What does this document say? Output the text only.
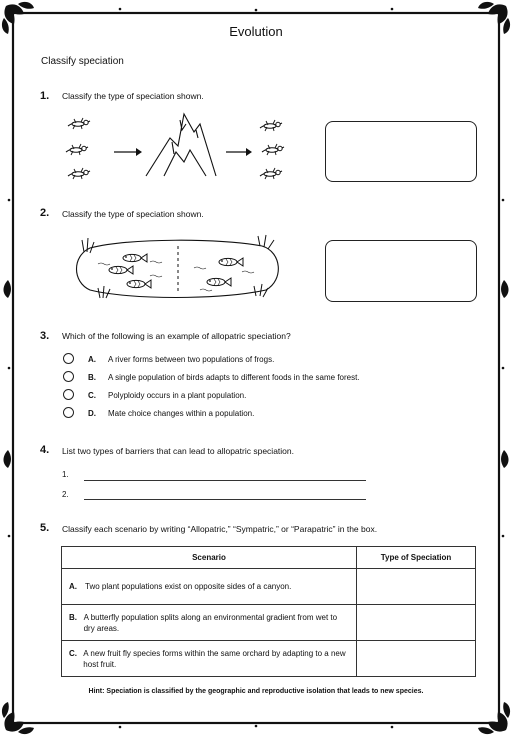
Evolution
Classify speciation
1. Classify the type of speciation shown.
2. Classify the type of speciation shown.
3. Which of the following is an example of allopatric speciation?
A. A river forms between two populations of frogs.
B. A single population of birds adapts to different foods in the same forest.
C. Polyploidy occurs in a plant population.
D. Mate choice changes within a population.
4. List two types of barriers that can lead to allopatric speciation.
1.
2.
5. Classify each scenario by writing “Allopatric,” “Sympatric,” or “Parapatric” in the box.
Scenario	Type of Speciation

A. Two plant populations exist on opposite sides of a canyon.	

B. A butterfly population splits along an environmental gradient from wet to dry areas.	

C. A new fruit fly species forms within the same orchard by adapting to a new host fruit.	

Hint: Speciation is classified by the geographic and reproductive isolation that leads to new species.
